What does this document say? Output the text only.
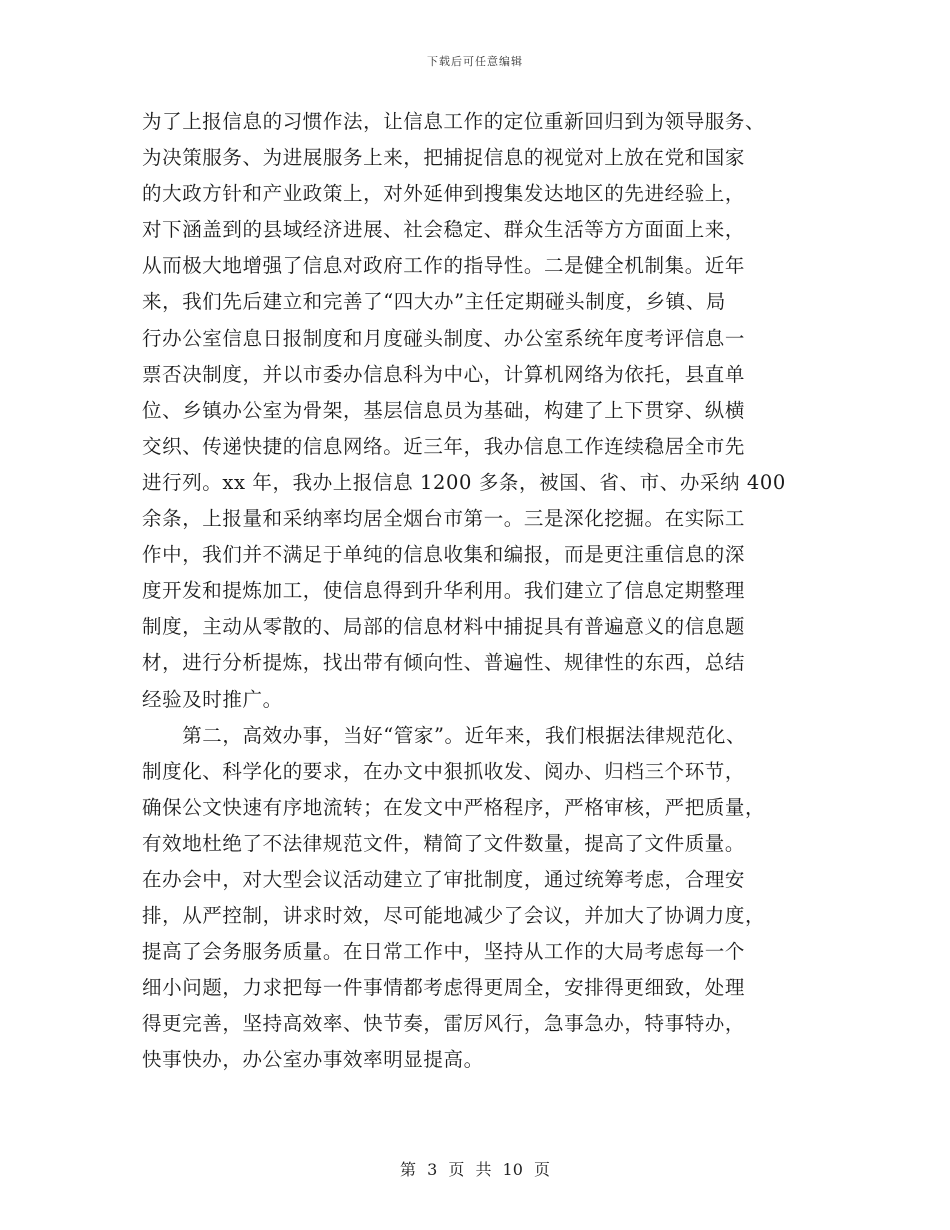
下载后可任意编辑
为了上报信息的习惯作法，让信息工作的定位重新回归到为领导服务、
为决策服务、为进展服务上来，把捕捉信息的视觉对上放在党和国家
的大政方针和产业政策上，对外延伸到搜集发达地区的先进经验上，
对下涵盖到的县域经济进展、社会稳定、群众生活等方方面面上来，
从而极大地增强了信息对政府工作的指导性。二是健全机制集。近年
来，我们先后建立和完善了“四大办”主任定期碰头制度，乡镇、局
行办公室信息日报制度和月度碰头制度、办公室系统年度考评信息一
票否决制度，并以市委办信息科为中心，计算机网络为依托，县直单
位、乡镇办公室为骨架，基层信息员为基础，构建了上下贯穿、纵横
交织、传递快捷的信息网络。近三年，我办信息工作连续稳居全市先
进行列。xx 年，我办上报信息 1200 多条，被国、省、市、办采纳 400
余条，上报量和采纳率均居全烟台市第一。三是深化挖掘。在实际工
作中，我们并不满足于单纯的信息收集和编报，而是更注重信息的深
度开发和提炼加工，使信息得到升华利用。我们建立了信息定期整理
制度，主动从零散的、局部的信息材料中捕捉具有普遍意义的信息题
材，进行分析提炼，找出带有倾向性、普遍性、规律性的东西，总结
经验及时推广。
　　第二，高效办事，当好“管家”。近年来，我们根据法律规范化、
制度化、科学化的要求，在办文中狠抓收发、阅办、归档三个环节，
确保公文快速有序地流转；在发文中严格程序，严格审核，严把质量，
有效地杜绝了不法律规范文件，精简了文件数量，提高了文件质量。
在办会中，对大型会议活动建立了审批制度，通过统筹考虑，合理安
排，从严控制，讲求时效，尽可能地减少了会议，并加大了协调力度，
提高了会务服务质量。在日常工作中，坚持从工作的大局考虑每一个
细小问题，力求把每一件事情都考虑得更周全，安排得更细致，处理
得更完善，坚持高效率、快节奏，雷厉风行，急事急办，特事特办，
快事快办，办公室办事效率明显提高。
第 3 页 共 10 页
